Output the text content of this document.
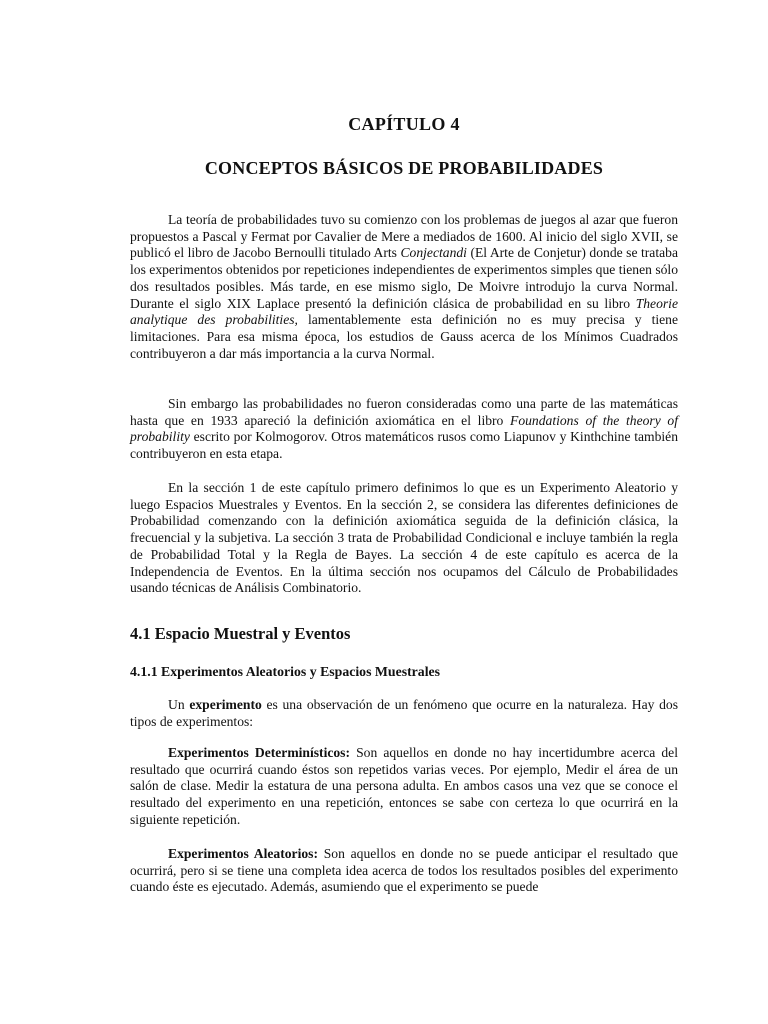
CAPÍTULO 4
CONCEPTOS BÁSICOS DE PROBABILIDADES

La teoría de probabilidades tuvo su comienzo con los problemas de juegos al azar que fueron propuestos a Pascal y Fermat por Cavalier de Mere a mediados de 1600. Al inicio del siglo XVII, se publicó el libro de Jacobo Bernoulli titulado Arts Conjectandi (El Arte de Conjetur) donde se trataba los experimentos obtenidos por repeticiones independientes de experimentos simples que tienen sólo dos resultados posibles. Más tarde, en ese mismo siglo, De Moivre introdujo la curva Normal. Durante el siglo XIX Laplace presentó la definición clásica de probabilidad en su libro Theorie analytique des probabilities, lamentablemente esta definición no es muy precisa y tiene limitaciones. Para esa misma época, los estudios de Gauss acerca de los Mínimos Cuadrados contribuyeron a dar más importancia a la curva Normal.

Sin embargo las probabilidades no fueron consideradas como una parte de las matemáticas hasta que en 1933 apareció la definición axiomática en el libro Foundations of the theory of probability escrito por Kolmogorov. Otros matemáticos rusos como Liapunov y Kinthchine también contribuyeron en esta etapa.

En la sección 1 de este capítulo primero definimos lo que es un Experimento Aleatorio y luego Espacios Muestrales y Eventos. En la sección 2, se considera las diferentes definiciones de Probabilidad comenzando con la definición axiomática seguida de la definición clásica, la frecuencial y la subjetiva. La sección 3 trata de Probabilidad Condicional e incluye también la regla de Probabilidad Total y la Regla de Bayes. La sección 4 de este capítulo es acerca de la Independencia de Eventos. En la última sección nos ocupamos del Cálculo de Probabilidades usando técnicas de Análisis Combinatorio.

4.1 Espacio Muestral y Eventos
4.1.1 Experimentos Aleatorios y Espacios Muestrales

Un experimento es una observación de un fenómeno que ocurre en la naturaleza. Hay dos tipos de experimentos:

Experimentos Determinísticos: Son aquellos en donde no hay incertidumbre acerca del resultado que ocurrirá cuando éstos son repetidos varias veces. Por ejemplo, Medir el área de un salón de clase. Medir la estatura de una persona adulta. En ambos casos una vez que se conoce el resultado del experimento en una repetición, entonces se sabe con certeza lo que ocurrirá en la siguiente repetición.

Experimentos Aleatorios: Son aquellos en donde no se puede anticipar el resultado que ocurrirá, pero si se tiene una completa idea acerca de todos los resultados posibles del experimento cuando éste es ejecutado. Además, asumiendo que el experimento se puede
